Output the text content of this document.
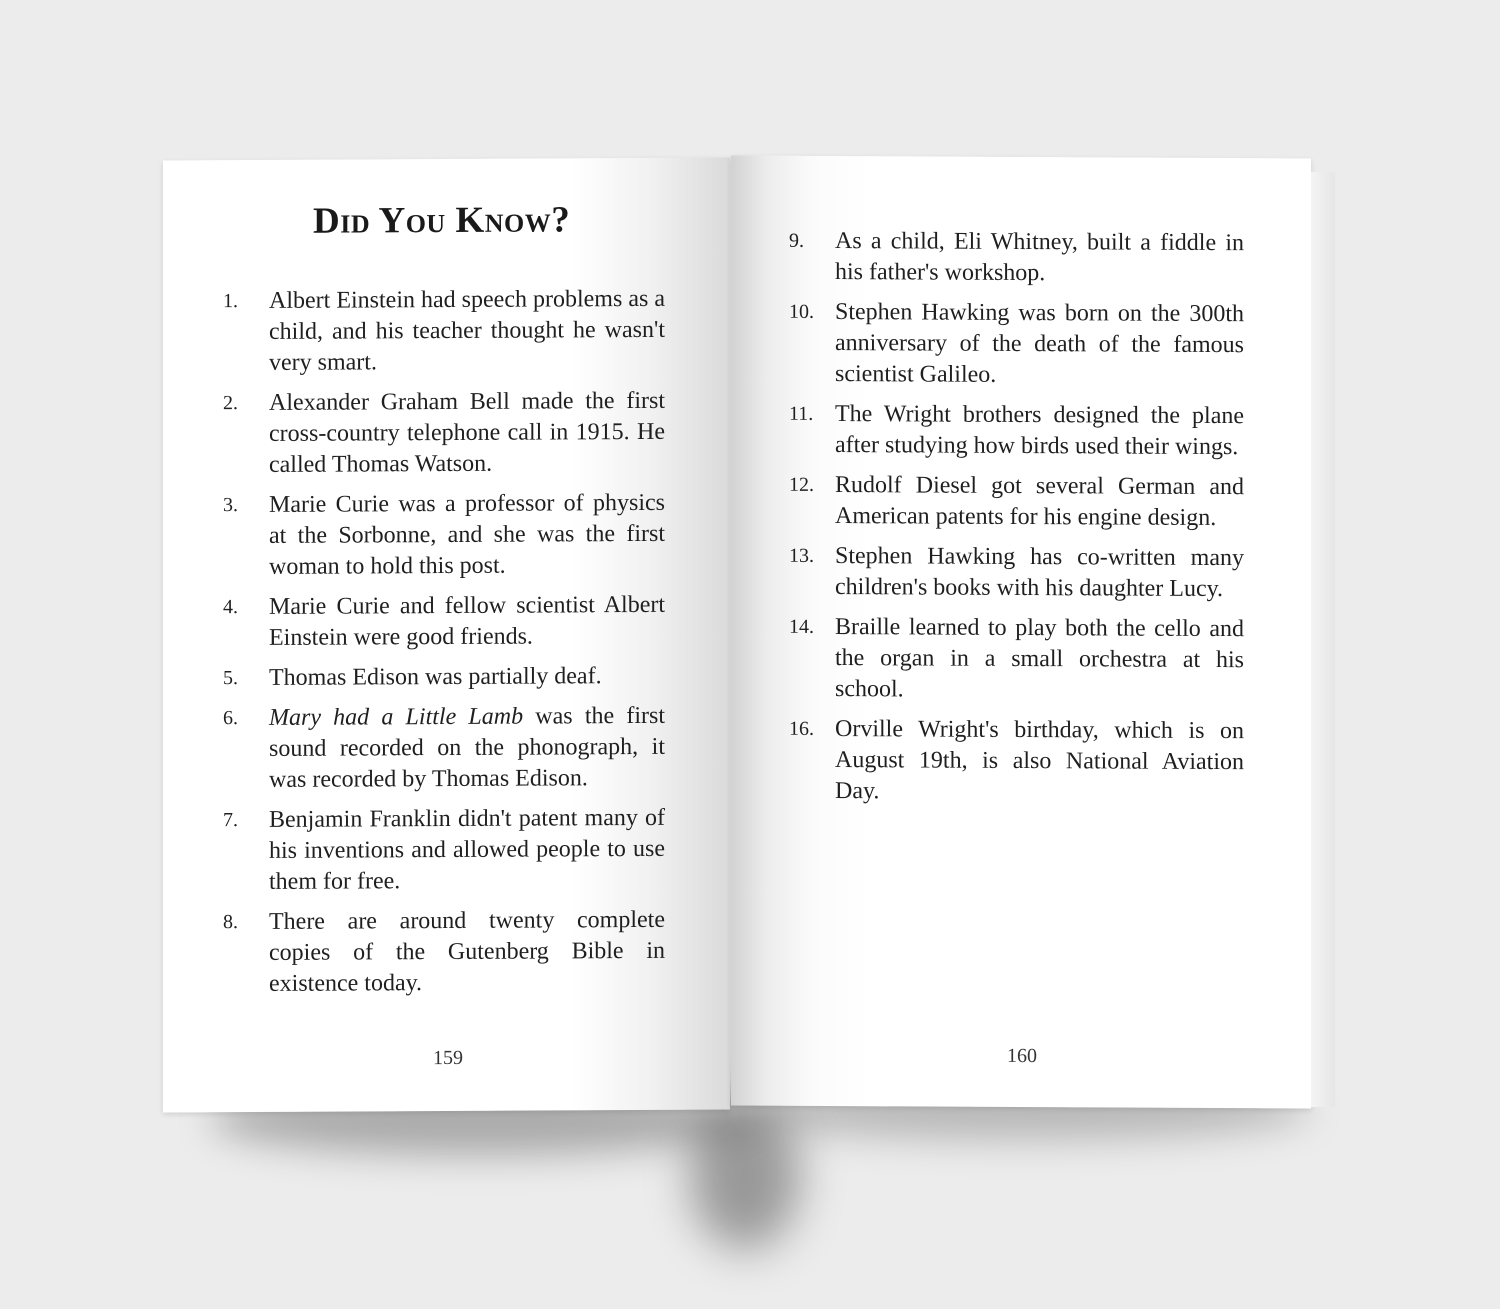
Did You Know?
1. Albert Einstein had speech problems as a child, and his teacher thought he wasn't very smart.
2. Alexander Graham Bell made the first cross-country telephone call in 1915. He called Thomas Watson.
3. Marie Curie was a professor of physics at the Sorbonne, and she was the first woman to hold this post.
4. Marie Curie and fellow scientist Albert Einstein were good friends.
5. Thomas Edison was partially deaf.
6. Mary had a Little Lamb was the first sound recorded on the phonograph, it was recorded by Thomas Edison.
7. Benjamin Franklin didn't patent many of his inventions and allowed people to use them for free.
8. There are around twenty complete copies of the Gutenberg Bible in existence today.
159
9. As a child, Eli Whitney, built a fiddle in his father's workshop.
10. Stephen Hawking was born on the 300th anniversary of the death of the famous scientist Galileo.
11. The Wright brothers designed the plane after studying how birds used their wings.
12. Rudolf Diesel got several German and American patents for his engine design.
13. Stephen Hawking has co-written many children's books with his daughter Lucy.
14. Braille learned to play both the cello and the organ in a small orchestra at his school.
16. Orville Wright's birthday, which is on August 19th, is also National Aviation Day.
160
